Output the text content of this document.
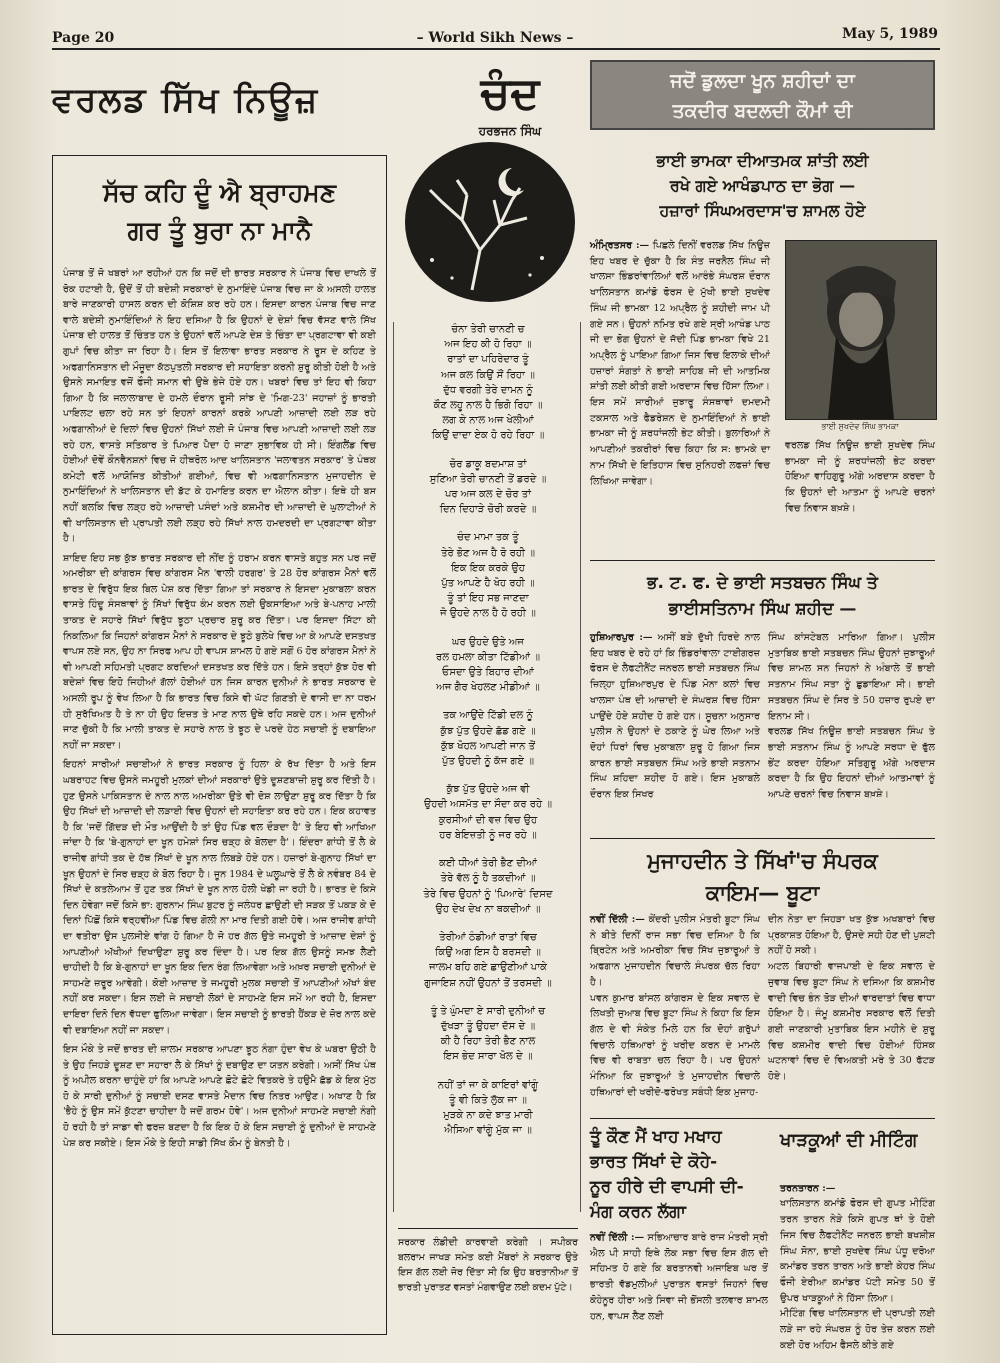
Page 20	– World Sikh News –	May 5, 1989
ਵਰਲਡ ਸਿੱਖ ਨਿਊਜ਼	ਚੰਦ
ਹਰਭਜਨ ਸਿੰਘ
ਜਦੋਂ ਡੁਲਦਾ ਖੂਨ ਸ਼ਹੀਦਾਂ ਦਾ
ਤਕਦੀਰ ਬਦਲਦੀ ਕੌਮਾਂ ਦੀ
ਸੱਚ ਕਹਿ ਦੂੰ ਐ ਬ੍ਰਾਹਮਣ
ਗਰ ਤੂੰ ਬੁਰਾ ਨਾ ਮਾਨੈ

ਪੰਜਾਬ ਤੋਂ ਜੋ ਖਬਰਾਂ ਆ ਰਹੀਆਂ ਹਨ ਕਿ ਜਦੋਂ ਦੀ ਭਾਰਤ ਸਰਕਾਰ ਨੇ ਪੰਜਾਬ ਵਿਚ ਦਾਖਲੇ ਤੋਂ ਰੋਕ ਹਟਾਈ ਹੈ, ਉਦੋਂ ਤੋਂ ਹੀ ਬਦੇਸ਼ੀ ਸਰਕਾਰਾਂ ਦੇ ਨੁਮਾਇੰਦੇ ਪੰਜਾਬ ਵਿਚ ਜਾ ਕੇ ਅਸਲੀ ਹਾਲਤ ਬਾਰੇ ਜਾਣਕਾਰੀ ਹਾਸਲ ਕਰਨ ਦੀ ਕੋਸ਼ਿਸ਼ ਕਰ ਰਹੇ ਹਨ। ਇਸਦਾ ਕਾਰਨ ਪੰਜਾਬ ਵਿਚ ਜਾਣ ਵਾਲੇ ਬਦੇਸ਼ੀ ਨੁਮਾਇੰਦਿਆਂ ਨੇ ਇਹ ਦਸਿਆ ਹੈ ਕਿ ਉਹਨਾਂ ਦੇ ਦੇਸ਼ਾਂ ਵਿਚ ਵੱਸਣ ਵਾਲੇ ਸਿੱਖ ਪੰਜਾਬ ਦੀ ਹਾਲਤ ਤੋਂ ਚਿੰਤਤ ਹਨ ਤੇ ਉਹਨਾਂ ਵਲੋਂ ਆਪਣੇ ਦੇਸ਼ ਤੇ ਚਿੰਤਾ ਦਾ ਪ੍ਰਗਟਾਵਾ ਵੀ ਕਈ ਗੁਪਾਂ ਵਿਚ ਕੀਤਾ ਜਾ ਰਿਹਾ ਹੈ। ਇਸ ਤੋਂ ਇਲਾਵਾ ਭਾਰਤ ਸਰਕਾਰ ਨੇ ਰੂਸ ਦੇ ਕਹਿਣ ਤੇ ਅਫਗਾਨਿਸਤਾਨ ਦੀ ਮੌਜੂਦਾ ਕੱਠਪੁਤਲੀ ਸਰਕਾਰ ਦੀ ਸਹਾਇਤਾ ਕਰਨੀ ਸ਼ੁਰੂ ਕੀਤੀ ਹੋਈ ਹੈ ਅਤੇ ਉਸਨੇ ਸਮਾਇਤ ਵਜੋਂ ਫੌਜੀ ਸਮਾਨ ਵੀ ਉਥੇ ਭੇਜੇ ਹੋਏ ਹਨ। ਖਬਰਾਂ ਵਿਚ ਤਾਂ ਇਹ ਵੀ ਕਿਹਾ ਗਿਆ ਹੈ ਕਿ ਜਲਾਲਾਬਾਦ ਦੇ ਹਮਲੇ ਦੌਰਾਨ ਰੂਸੀ ਸਾਂਝ ਦੇ 'ਮਿਗ-23' ਜਹਾਜ਼ਾਂ ਨੂੰ ਭਾਰਤੀ ਪਾਇਲਟ ਚਲਾ ਰਹੇ ਸਨ ਤਾਂ ਇਹਨਾਂ ਕਾਰਨਾਂ ਕਰਕੇ ਆਪਣੀ ਆਜ਼ਾਦੀ ਲਈ ਲੜ ਰਹੇ ਅਫਗਾਨੀਆਂ ਦੇ ਦਿਲਾਂ ਵਿਚ ਉਹਨਾਂ ਸਿੱਖਾਂ ਲਈ ਜੋ ਪੰਜਾਬ ਵਿਚ ਆਪਣੀ ਆਜ਼ਾਦੀ ਲਈ ਲੜ ਰਹੇ ਹਨ, ਵਾਸਤੇ ਸਤਿਕਾਰ ਤੇ ਪਿਆਰ ਪੈਦਾ ਹੋ ਜਾਣਾ ਸੁਭਾਵਿਕ ਹੀ ਸੀ। ਇੰਗਲੈਂਡ ਵਿਚ ਹੋਈਆਂ ਦੋਵੇਂ ਕੌਨਵੈਨਸ਼ਨਾਂ ਵਿਚ ਜੋ ਹੀਥਰੋਲ ਆਦ ਖਾਲਿਸਤਾਨ 'ਜਲਾਵਤਨ ਸਰਕਾਰ' ਤੇ ਪੰਥਕ ਕਮੇਟੀ ਵਲੋਂ ਆਯੋਜਿਤ ਕੀਤੀਆਂ ਗਈਆਂ, ਵਿਚ ਵੀ ਅਫਗਾਨਿਸਤਾਨ ਮੁਜਾਹਦੀਨ ਦੇ ਨੁਮਾਇੰਦਿਆਂ ਨੇ ਖਾਲਿਸਤਾਨ ਦੀ ਡੱਟ ਕੇ ਹਮਾਇਤ ਕਰਨ ਦਾ ਐਲਾਨ ਕੀਤਾ। ਇਥੇ ਹੀ ਬਸ ਨਹੀਂ ਬਲਕਿ ਵਿਚ ਲੜ੍ਹ ਰਹੇ ਆਜ਼ਾਦੀ ਪਸੰਦਾਂ ਅਤੇ ਕਸ਼ਮੀਰ ਦੀ ਆਜ਼ਾਦੀ ਦੇ ਘੁਲਾਟੀਆਂ ਨੇ ਵੀ ਖਾਲਿਸਤਾਨ ਦੀ ਪ੍ਰਾਪਤੀ ਲਈ ਲੜ੍ਹ ਰਹੇ ਸਿੱਖਾਂ ਨਾਲ ਹਮਦਰਦੀ ਦਾ ਪ੍ਰਗਟਾਵਾ ਕੀਤਾ ਹੈ।

ਸ਼ਾਇਦ ਇਹ ਸਭ ਕੁੱਝ ਭਾਰਤ ਸਰਕਾਰ ਦੀ ਨੀਂਦ ਨੂੰ ਹਰਾਮ ਕਰਨ ਵਾਸਤੇ ਬਹੁਤ ਸਨ ਪਰ ਜਦੋਂ ਅਮਰੀਕਾ ਦੀ ਕਾਂਗਰਸ ਵਿਚ ਕਾਂਗਰਸ ਮੈਨ 'ਵਾਲੀ ਹਰਗਰ' ਤੇ 28 ਹੋਰ ਕਾਂਗਰਸ ਮੈਨਾਂ ਵਲੋਂ ਭਾਰਤ ਦੇ ਵਿਰੁੱਧ ਇਕ ਬਿਲ ਪੇਸ਼ ਕਰ ਦਿੱਤਾ ਗਿਆ ਤਾਂ ਸਰਕਾਰ ਨੇ ਇਸਦਾ ਮੁਕਾਬਲਾ ਕਰਨ ਵਾਸਤੇ ਹਿੰਦੂ ਸੰਸਥਾਵਾਂ ਨੂੰ ਸਿੱਖਾਂ ਵਿਰੁੱਧ ਕੰਮ ਕਰਨ ਲਈ ਉਕਸਾਇਆ ਅਤੇ ਬੇ-ਪਨਾਹ ਮਾਲੀ ਤਾਕਤ ਦੇ ਸਹਾਰੇ ਸਿੱਖਾਂ ਵਿਰੁੱਧ ਝੂਠਾ ਪ੍ਰਚਾਰ ਸ਼ੁਰੂ ਕਰ ਦਿੱਤਾ। ਪਰ ਇਸਦਾ ਸਿੱਟਾ ਕੀ ਨਿਕਲਿਆ ਕਿ ਜਿਹਨਾਂ ਕਾਂਗਰਸ ਮੈਨਾਂ ਨੇ ਸਰਕਾਰ ਦੇ ਝੂਠੇ ਬੁਲੇਖੇ ਵਿਚ ਆ ਕੇ ਆਪਣੇ ਦਸਤਖਤ ਵਾਪਸ ਲਏ ਸਨ, ਉਹ ਨਾ ਸਿਰਫ ਆਪ ਹੀ ਵਾਪਸ ਸ਼ਾਮਲ ਹੋ ਗਏ ਸਗੋਂ 6 ਹੋਰ ਕਾਂਗਰਸ ਮੈਨਾਂ ਨੇ ਵੀ ਆਪਣੀ ਸਹਿਮਤੀ ਪ੍ਰਗਟ ਕਰਦਿਆਂ ਦਸਤਖਤ ਕਰ ਦਿੱਤੇ ਹਨ। ਇਸੇ ਤਰ੍ਹਾਂ ਕੁੱਝ ਹੋਰ ਵੀ ਬਦੇਸ਼ਾਂ ਵਿਚ ਇਹੋ ਜਿਹੀਆਂ ਗੱਲਾਂ ਹੋਈਆਂ ਹਨ ਜਿਸ ਕਾਰਨ ਦੁਨੀਆਂ ਨੇ ਭਾਰਤ ਸਰਕਾਰ ਦੇ ਅਸਲੀ ਰੂਪ ਨੂੰ ਵੇਖ ਲਿਆ ਹੈ ਕਿ ਭਾਰਤ ਵਿਚ ਕਿਸੇ ਵੀ ਘੱਟ ਗਿਣਤੀ ਦੇ ਵਾਸੀ ਦਾ ਨਾ ਧਰਮ ਹੀ ਸੁਰੱਖਿਅਤ ਹੈ ਤੇ ਨਾ ਹੀ ਉਹ ਇਜ਼ਤ ਤੇ ਮਾਣ ਨਾਲ ਉਥੇ ਰਹਿ ਸਕਦੇ ਹਨ। ਅਜ ਦੁਨੀਆਂ ਜਾਣ ਚੁੱਕੀ ਹੈ ਕਿ ਮਾਲੀ ਤਾਕਤ ਦੇ ਸਹਾਰੇ ਨਾਲ ਤੇ ਝੂਠ ਦੇ ਪਰਦੇ ਹੇਠ ਸਚਾਈ ਨੂੰ ਦਬਾਇਆ ਨਹੀਂ ਜਾ ਸਕਦਾ।

ਇਹਨਾਂ ਸਾਰੀਆਂ ਸਚਾਈਆਂ ਨੇ ਭਾਰਤ ਸਰਕਾਰ ਨੂੰ ਹਿਲਾ ਕੇ ਰੱਖ ਦਿੱਤਾ ਹੈ ਅਤੇ ਇਸ ਘਬਰਾਹਟ ਵਿਚ ਉਸਨੇ ਜਮਹੂਰੀ ਮੁਲਕਾਂ ਦੀਆਂ ਸਰਕਾਰਾਂ ਉਤੇ ਦੂਸ਼ਣਬਾਜ਼ੀ ਸ਼ੁਰੂ ਕਰ ਦਿੱਤੀ ਹੈ। ਹੁਣ ਉਸਨੇ ਪਾਕਿਸਤਾਨ ਦੇ ਨਾਲ ਨਾਲ ਅਮਰੀਕਾ ਉਤੇ ਵੀ ਦੋਸ਼ ਲਾਉਣਾ ਸ਼ੁਰੂ ਕਰ ਦਿੱਤਾ ਹੈ ਕਿ ਉਹ ਸਿੱਖਾਂ ਦੀ ਆਜ਼ਾਦੀ ਦੀ ਲੜਾਈ ਵਿਚ ਉਹਨਾਂ ਦੀ ਸਹਾਇਤਾ ਕਰ ਰਹੇ ਹਨ। ਇਕ ਕਹਾਵਤ ਹੈ ਕਿ 'ਜਦੋਂ ਗਿੱਦੜ ਦੀ ਮੌਤ ਆਉਂਦੀ ਹੈ ਤਾਂ ਉਹ ਪਿੰਡ ਵਲ ਦੌੜਦਾ ਹੈ' ਤੇ ਇਹ ਵੀ ਆਖਿਆ ਜਾਂਦਾ ਹੈ ਕਿ 'ਬੇ-ਗੁਨਾਹਾਂ ਦਾ ਖੂਨ ਹਮੇਸ਼ਾਂ ਸਿਰ ਚੜ੍ਹ ਕੇ ਬੋਲਦਾ ਹੈ'। ਇੰਦਰਾ ਗਾਂਧੀ ਤੋਂ ਲੈ ਕੇ ਰਾਜੀਵ ਗਾਂਧੀ ਤਕ ਦੇ ਹੱਥ ਸਿੱਖਾਂ ਦੇ ਖੂਨ ਨਾਲ ਲਿਬੜੇ ਹੋਏ ਹਨ। ਹਜ਼ਾਰਾਂ ਬੇ-ਗੁਨਾਹ ਸਿੱਖਾਂ ਦਾ ਖੂਨ ਉਹਨਾਂ ਦੇ ਸਿਰ ਚੜ੍ਹ ਕੇ ਬੋਲ ਰਿਹਾ ਹੈ। ਜੂਨ 1984 ਦੇ ਘਲੂਘਾਰੇ ਤੋਂ ਲੈ ਕੇ ਨਵੰਬਰ 84 ਦੇ ਸਿੱਖਾਂ ਦੇ ਕਤਲੇਆਮ ਤੋਂ ਹੁਣ ਤਕ ਸਿੱਖਾਂ ਦੇ ਖੂਨ ਨਾਲ ਹੋਲੀ ਖੇਡੀ ਜਾ ਰਹੀ ਹੈ। ਭਾਰਤ ਦੇ ਕਿਸੇ ਦਿਨ ਹੋਵੇਗਾ ਜਦੋਂ ਕਿਸੇ ਭਾ: ਗੁਰਨਾਮ ਸਿੰਘ ਬੁਟਰ ਨੂੰ ਜਲੰਧਰ ਛਾਉਣੀ ਦੀ ਸੜਕ ਤੋਂ ਪਕੜ ਕੇ ਦੋ ਦਿਨਾਂ ਪਿੱਛੋਂ ਕਿਸੇ ਵਰ੍ਹਵੀਂਆ ਪਿੰਡ ਵਿਚ ਗੋਲੀ ਨਾ ਮਾਰ ਦਿਤੀ ਗਈ ਹੋਵੇ। ਅਜ ਰਾਜੀਵ ਗਾਂਧੀ ਦਾ ਵਤੀਰਾ ਉਸ ਪੁਲਸੀਏ ਵਾਂਗ ਹੋ ਗਿਆ ਹੈ ਜੋ ਹਰ ਗੱਲ ਉਤੇ ਜਮਹੂਰੀ ਤੇ ਆਜ਼ਾਦ ਦੇਸ਼ਾਂ ਨੂੰ ਆਪਣੀਆਂ ਅੱਖੀਆਂ ਦਿਖਾਉਣਾ ਸ਼ੁਰੂ ਕਰ ਦਿੰਦਾ ਹੈ। ਪਰ ਇਕ ਗੱਲ ਉਸਨੂੰ ਸਮਝ ਲੈਣੀ ਚਾਹੀਦੀ ਹੈ ਕਿ ਬੇ-ਗੁਨਾਹਾਂ ਦਾ ਖੂਨ ਇਕ ਦਿਨ ਰੰਗ ਲਿਆਵੇਗਾ ਅਤੇ ਅਖ਼ਰ ਸਚਾਈ ਦੁਨੀਆਂ ਦੇ ਸਾਹਮਣੇ ਜ਼ਰੂਰ ਆਵੇਗੀ। ਕੋਈ ਆਜ਼ਾਦ ਤੇ ਜਮਹੂਰੀ ਮੁਲਕ ਸਚਾਈ ਤੋਂ ਆਪਣੀਆਂ ਅੱਖਾਂ ਬੰਦ ਨਹੀਂ ਕਰ ਸਕਦਾ। ਇਸ ਲਈ ਜੇ ਸਚਾਈ ਲੋਕਾਂ ਦੇ ਸਾਹਮਣੇ ਇਸ ਸਮੇਂ ਆ ਰਹੀ ਹੈ, ਇਸਦਾ ਦਾਇਰਾ ਦਿਨੋ ਦਿਨ ਵੱਧਦਾ ਫੁਲਿਆ ਜਾਵੇਗਾ। ਇਸ ਸਚਾਈ ਨੂੰ ਭਾਰਤੀ ਹੈਂਕੜ ਦੇ ਜ਼ੋਰ ਨਾਲ ਕਦੇ ਵੀ ਦਬਾਇਆ ਨਹੀਂ ਜਾ ਸਕਦਾ।

ਇਸ ਮੌਕੇ ਤੇ ਜਦੋਂ ਭਾਰਤ ਦੀ ਜ਼ਾਲਮ ਸਰਕਾਰ ਆਪਣਾ ਝੂਠ ਨੰਗਾ ਹੁੰਦਾ ਵੇਖ ਕੇ ਘਬਰਾ ਉਠੀ ਹੈ ਤੇ ਉਹ ਜਿਹੜੇ ਦੂਸ਼ਣ ਦਾ ਸਹਾਰਾ ਲੈ ਕੇ ਸਿੱਖਾਂ ਨੂੰ ਦਬਾਉਣ ਦਾ ਯਤਨ ਕਰੇਗੀ। ਅਸੀਂ ਸਿੱਖ ਪੰਥ ਨੂੰ ਅਪੀਲ ਕਰਨਾ ਚਾਹੁੰਦੇ ਹਾਂ ਕਿ ਆਪਣੇ ਆਪਣੇ ਛੋਟੇ ਛੋਟੇ ਵਿਤਕਰੇ ਤੇ ਹਉਮੈ ਛੱਡ ਕੇ ਇਕ ਮੁੱਠ ਹੋ ਕੇ ਸਾਰੀ ਦੁਨੀਆਂ ਨੂੰ ਸਚਾਈ ਦਸਣ ਵਾਸਤੇ ਮੈਦਾਨ ਵਿਚ ਨਿਤਰ ਆਉਣ। ਅਖਾਣ ਹੈ ਕਿ 'ਭੈਹੇ ਨੂੰ ਉਸ ਸਮੇਂ ਕੁੱਟਣਾ ਚਾਹੀਦਾ ਹੈ ਜਦੋਂ ਗਰਮ ਹੋਵੇ'। ਅਜ ਦੁਨੀਆਂ ਸਾਹਮਣੇ ਸਚਾਈ ਨੰਗੀ ਹੋ ਰਹੀ ਹੈ ਤਾਂ ਸਾਡਾ ਵੀ ਫਰਜ਼ ਬਣਦਾ ਹੈ ਕਿ ਇਕ ਹੋ ਕੇ ਇਸ ਸਚਾਈ ਨੂੰ ਦੁਨੀਆਂ ਦੇ ਸਾਹਮਣੇ ਪੇਸ਼ ਕਰ ਸਕੀਏ। ਇਸ ਮੌਕੇ ਤੇ ਇਹੀ ਸਾਡੀ ਸਿੱਖ ਕੌਮ ਨੂੰ ਬੇਨਤੀ ਹੈ।

ਚੰਨਾ ਤੇਰੀ ਚਾਨਣੀ ਚ
ਅਜ ਇਹ ਕੀ ਹੋ ਰਿਹਾ ॥
ਰਾਤਾਂ ਦਾ ਪਹਿਰੇਦਾਰ ਤੂੰ
ਅਜ ਕਲ ਕਿਉਂ ਸੌਂ ਰਿਹਾ ॥
ਦੁੱਧ ਵਰਗੀ ਤੇਰੇ ਦਾਮਨ ਨੂੰ
ਕੌਣ ਲਹੂ ਨਾਲ ਹੈ ਭਿਗੋ ਰਿਹਾ ॥
ਲਗ ਕੇ ਨਾਲ ਅਜ ਖੇਲੀਆਂ
ਕਿਉਂ ਦਾਦਾ ਏਕ ਹੋ ਰਹੇ ਰਿਹਾ ॥
ਚੋਰ ਡਾਕੂ ਬਦਮਾਸ਼ ਤਾਂ
ਸੁਣਿਆ ਤੇਰੀ ਚਾਨਣੀ ਤੋਂ ਡਰਦੇ ॥
ਪਰ ਅਜ ਕਲ ਦੇ ਚੋਰ ਤਾਂ
ਦਿਨ ਦਿਹਾੜੇ ਚੋਰੀ ਕਰਦੇ ॥
ਚੰਦ ਮਾਮਾ ਤਕ ਤੂੰ
ਤੇਰੇ ਭੋਣ ਅਜ ਹੈ ਰੋ ਰਹੀ ॥
ਇਕ ਇਕ ਕਰਕੇ ਉਹ
ਪੁੱਤ ਆਪਣੇ ਹੈ ਖੋਹ ਰਹੀ ॥
ਤੂੰ ਤਾਂ ਇਹ ਸਭ ਜਾਣਦਾ
ਜੋ ਉਹਦੇ ਨਾਲ ਹੈ ਹੋ ਰਹੀ ॥
ਘਰ ਉਹਦੇ ਉਤੇ ਅਜ
ਰਲ ਹਮਲਾ ਕੀਤਾ ਟਿੱਡੀਆਂ ॥
ਓਸਦਾ ਉਤੇ ਬਿਹਾਰ ਦੀਆਂ
ਅਜ ਗੈਰ ਖੇਹਲਣ ਮੀਡੀਆਂ ॥
ਤਕ ਆਉਂਦੇ ਟਿੱਡੀ ਦਲ ਨੂੰ
ਕੁੱਝ ਪੁੱਤ ਉਹਦੇ ਛੱਡ ਗਏ ॥
ਕੁੱਝ ਖੋਹਲ ਆਪਣੀ ਜਾਨ ਤੋਂ
ਪੁੱਤ ਉਹਦੀ ਨੂੰ ਕੱਜ ਗਏ ॥
ਕੁੱਝ ਪੁੱਤ ਉਹਦੇ ਅਜ ਵੀ
ਉਹਦੀ ਅਸਮੱਤ ਦਾ ਸੌਦਾ ਕਰ ਰਹੇ ॥
ਕੁਰਸੀਆਂ ਦੀ ਵਜ਼ ਵਿਚ ਉਹ
ਹਰ ਬੇਇਜ਼ਤੀ ਨੂੰ ਜਰ ਰਹੇ ॥
ਕਈ ਧੀਆਂ ਤੇਰੀ ਭੈਣ ਦੀਆਂ
ਤੇਰੇ ਵੱਲ ਨੂੰ ਹੈ ਤਕਦੀਆਂ ॥
ਤੇਰੇ ਵਿਚ ਉਹਨਾਂ ਨੂੰ 'ਪਿਆਰੇ' ਦਿਸਦ
ਉਹ ਦੇਖ ਦੇਖ ਨਾ ਥਕਦੀਆਂ ॥
ਤੇਰੀਆਂ ਠੰਡੀਆਂ ਰਾਤਾਂ ਵਿਚ
ਕਿਉਂ ਅਗ ਇਸ ਹੈ ਬਰਸਦੀ ॥
ਜਾਲਮ ਬਹਿ ਗਏ ਛਾਉਣੀਆਂ ਪਾਕੇ
ਗੁਜਾਇਸ਼ ਨਹੀਂ ਉਹਨਾਂ ਤੋਂ ਤਰਸਦੀ ॥
ਤੂੰ ਤੇ ਘੁੰਮਦਾ ਏ ਸਾਰੀ ਦੁਨੀਆਂ ਚ
ਦੁੱਖੜਾ ਤੂੰ ਉਹਦਾ ਦੱਸ ਦੇ ॥
ਕੀ ਹੈ ਰਿਹਾ ਤੇਰੀ ਭੈਣ ਨਾਲ
ਇਸ ਭੇਦ ਸਾਰਾ ਖੋਲ ਦੇ ॥
ਨਹੀਂ ਤਾਂ ਜਾ ਕੇ ਕਾਇਰਾਂ ਵਾਂਗੂੰ
ਤੂੰ ਵੀ ਕਿਤੇ ਲੁੱਕ ਜਾ ॥
ਮੁੜਕੇ ਨਾ ਕਦੇ ਝਾਤ ਮਾਰੀ
ਐਸਿਆ ਵਾਂਗੂੰ ਮੁੱਕ ਜਾ ॥
ਸਰਕਾਰ ਲੰਡੀਦੀ ਕਾਰਵਾਈ ਕਰੇਗੀ । ਸਪੀਕਰ ਬਲਰਾਮ ਜਾਖੜ ਸਮੇਤ ਕਈ ਮੈਂਬਰਾਂ ਨੇ ਸਰਕਾਰ ਉਤੇ ਇਸ ਗੱਲ ਲਈ ਜੋਰ ਦਿੱਤਾ ਸੀ ਕਿ ਉਹ ਬਰਤਾਨੀਆ ਤੋਂ ਭਾਰਤੀ ਪੁਰਾਤਣ ਵਸਤਾਂ ਮੰਗਵਾਉਣ ਲਈ ਕਦਮ ਪੁੱਟੇ।
ਭਾਈ ਭਾਮਕਾ ਦੀਆਤਮਕ ਸ਼ਾਂਤੀ ਲਈ
ਰਖੇ ਗਏ ਆਖੰਡਪਾਠ ਦਾ ਭੋਗ —
ਹਜ਼ਾਰਾਂ ਸਿੰਘਅਰਦਾਸ'ਚ ਸ਼ਾਮਲ ਹੋਏ
ਅੰਮ੍ਰਿਤਸਰ :— ਪਿਛਲੇ ਦਿਨੀਂ ਵਰਲਡ ਸਿੱਖ ਨਿਊਜ਼ ਇਹ ਖਬਰ ਦੇ ਚੁੱਕਾ ਹੈ ਕਿ ਸੰਤ ਜਰਨੈਲ ਸਿੰਘ ਜੀ ਖਾਲਸਾ ਭਿੰਡਰਾਂਵਾਲਿਆਂ ਵਲੋਂ ਆਰੰਭੇ ਸੰਘਰਸ਼ ਦੌਰਾਨ ਖਾਲਿਸਤਾਨ ਕਮਾਂਡੋ ਫੋਰਸ ਦੇ ਮੁੱਖੀ ਭਾਈ ਸੁਖਦੇਵ ਸਿੰਘ ਜੀ ਭਾਮਕਾ 12 ਅਪ੍ਰੈਲ ਨੂੰ ਸ਼ਹੀਦੀ ਜਾਮ ਪੀ ਗਏ ਸਨ। ਉਹਨਾਂ ਨਮਿਤ ਰਖੇ ਗਏ ਸ੍ਰੀ ਆਖੰਡ ਪਾਠ ਜੀ ਦਾ ਭੋਗ ਉਹਨਾਂ ਦੇ ਜੱਦੀ ਪਿੰਡ ਭਾਮਕਾ ਵਿਖੇ 21 ਅਪ੍ਰੈਲ ਨੂੰ ਪਾਇਆ ਗਿਆ ਜਿਸ ਵਿਚ ਇਲਾਕੇ ਦੀਆਂ ਹਜ਼ਾਰਾਂ ਸੰਗਤਾਂ ਨੇ ਭਾਈ ਸਾਹਿਬ ਜੀ ਦੀ ਆਤਮਿਕ ਸ਼ਾਂਤੀ ਲਈ ਕੀਤੀ ਗਈ ਅਰਦਾਸ ਵਿਚ ਹਿੱਸਾ ਲਿਆ। ਇਸ ਸਮੇਂ ਸਾਰੀਆਂ ਜੁਝਾਰੂ ਸੰਸਥਾਵਾਂ ਦਮਦਮੀ ਟਕਸਾਲ ਅਤੇ ਫੈਡਰੇਸ਼ਨ ਦੇ ਨੁਮਾਇੰਦਿਆਂ ਨੇ ਭਾਈ ਭਾਮਕਾ ਜੀ ਨੂੰ ਸ਼ਰਧਾਂਜਲੀ ਭੇਟ ਕੀਤੀ। ਬੁਲਾਰਿਆਂ ਨੇ ਆਪਣੀਆਂ ਤਕਰੀਰਾਂ ਵਿਚ ਕਿਹਾ ਕਿ ਸ: ਭਾਮਕੇ ਦਾ ਨਾਮ ਸਿੱਖੀ ਦੇ ਇਤਿਹਾਸ ਵਿਚ ਸੁਨਿਹਰੀ ਲਫਜ਼ਾਂ ਵਿਚ ਲਿਖਿਆ ਜਾਵੇਗਾ।
ਭਾਈ ਸੁਖਦੇਵ ਸਿੰਘ ਭਾਮਕਾ
ਵਰਲਡ ਸਿੱਖ ਨਿਊਜ਼ ਭਾਈ ਸੁਖਦੇਵ ਸਿੰਘ ਭਾਮਕਾ ਜੀ ਨੂੰ ਸ਼ਰਧਾਂਜਲੀ ਭੇਟ ਕਰਦਾ ਹੋਇਆ ਵਾਹਿਗੁਰੂ ਅੱਗੇ ਅਰਦਾਸ ਕਰਦਾ ਹੈ ਕਿ ਉਹਨਾਂ ਦੀ ਆਤਮਾ ਨੂੰ ਆਪਣੇ ਚਰਨਾਂ ਵਿਚ ਨਿਵਾਸ ਬਖ਼ਸ਼ੇ।
ਭ. ਟ. ਫ. ਦੇ ਭਾਈ ਸਤਬਚਨ ਸਿੰਘ ਤੇ
ਭਾਈਸਤਿਨਾਮ ਸਿੰਘ ਸ਼ਹੀਦ —
ਹੁਸ਼ਿਆਰਪੁਰ :— ਅਸੀਂ ਬੜੇ ਦੁੱਖੀ ਹਿਰਦੇ ਨਾਲ ਇਹ ਖਬਰ ਦੇ ਰਹੇ ਹਾਂ ਕਿ ਭਿੰਡਰਾਂਵਾਲਾ ਟਾਈਗਰਜ਼ ਫੋਰਸ ਦੇ ਲੈਫਟੀਨੈਂਟ ਜਨਰਲ ਭਾਈ ਸਤਬਚਨ ਸਿੰਘ ਜ਼ਿਲ੍ਹਾ ਹੁਸ਼ਿਆਰਪੁਰ ਦੇ ਪਿੰਡ ਮੋਨਾ ਕਲਾਂ ਵਿਚ ਖਾਲਸਾ ਪੰਥ ਦੀ ਆਜ਼ਾਦੀ ਦੇ ਸੰਘਰਸ਼ ਵਿਚ ਹਿੱਸਾ ਪਾਉਂਦੇ ਹੋਏ ਸ਼ਹੀਦ ਹੋ ਗਏ ਹਨ। ਸੂਚਨਾ ਅਨੁਸਾਰ ਪੁਲੀਸ ਨੇ ਉਹਨਾਂ ਦੇ ਠਕਾਣੇ ਨੂੰ ਘੇਰ ਲਿਆ ਅਤੇ ਦੋਹਾਂ ਧਿਰਾਂ ਵਿਚ ਮੁਕਾਬਲਾ ਸ਼ੁਰੂ ਹੋ ਗਿਆ ਜਿਸ ਕਾਰਨ ਭਾਈ ਸਤਬਚਨ ਸਿੰਘ ਅਤੇ ਭਾਈ ਸਤਨਾਮ ਸਿੰਘ ਸ਼ਹਿਦਾ ਸ਼ਹੀਦ ਹੋ ਗਏ। ਇਸ ਮੁਕਾਬਲੇ ਦੌਰਾਨ ਇਕ ਸਿਖਰ
ਸਿੰਘ ਕਾਂਸਟੇਬਲ ਮਾਰਿਆ ਗਿਆ। ਪੁਲੀਸ ਮੁਤਾਬਿਕ ਭਾਈ ਸਤਬਚਨ ਸਿੰਘ ਉਹਨਾਂ ਜੁਝਾਰੂਆਂ ਵਿਚ ਸ਼ਾਮਲ ਸਨ ਜਿਹਨਾਂ ਨੇ ਅੰਬਾਲੇ ਤੋਂ ਭਾਈ ਸਤਨਾਮ ਸਿੰਘ ਸਤਾ ਨੂੰ ਛੁਡਾਇਆ ਸੀ। ਭਾਈ ਸਤਬਚਨ ਸਿੰਘ ਦੇ ਸਿਰ ਤੇ 50 ਹਜ਼ਾਰ ਰੁਪਏ ਦਾ ਇਨਾਮ ਸੀ।
ਵਰਲਡ ਸਿੱਖ ਨਿਊਜ਼ ਭਾਈ ਸਤਬਚਨ ਸਿੰਘ ਤੇ ਭਾਈ ਸਤਨਾਮ ਸਿੰਘ ਨੂੰ ਆਪਣੇ ਸਰਧਾ ਦੇ ਫੁੱਲ ਭੇਂਟ ਕਰਦਾ ਹੋਇਆ ਸਤਿਗੁਰੂ ਅੱਗੇ ਅਰਦਾਸ ਕਰਦਾ ਹੈ ਕਿ ਉਹ ਇਹਨਾਂ ਦੀਆਂ ਆਤਮਾਵਾਂ ਨੂੰ ਆਪਣੇ ਚਰਨਾਂ ਵਿਚ ਨਿਵਾਸ ਬਖ਼ਸ਼ੇ।
ਮੁਜਾਹਦੀਨ ਤੇ ਸਿੱਖਾਂ'ਚ ਸੰਪਰਕ
ਕਾਇਮ— ਬੂਟਾ
ਨਵੀਂ ਦਿੱਲੀ :— ਕੇਂਦਰੀ ਪੁਲੀਸ ਮੰਤਰੀ ਬੂਟਾ ਸਿੰਘ ਨੇ ਬੀਤੇ ਦਿਨੀਂ ਰਾਜ ਸਭਾ ਵਿਚ ਦਸਿਆ ਹੈ ਕਿ ਬ੍ਰਿਟੇਨ ਅਤੇ ਅਮਰੀਕਾ ਵਿਚ ਸਿੱਖ ਜੁਝਾਰੂਆਂ ਤੇ ਅਫਗਾਨ ਮੁਜਾਹਦੀਨ ਵਿਚਾਲੇ ਸੰਪਰਕ ਚੱਲ ਰਿਹਾ ਹੈ।
ਪਵਨ ਕੁਮਾਰ ਬਾਂਸਲ ਕਾਂਗਰਸ ਦੇ ਇਕ ਸਵਾਲ ਦੇ ਲਿਖਤੀ ਜੁਆਬ ਵਿਚ ਬੂਟਾ ਸਿੰਘ ਨੇ ਕਿਹਾ ਕਿ ਇਸ ਗੱਲ ਦੇ ਵੀ ਸੰਕੇਤ ਮਿਲੇ ਹਨ ਕਿ ਦੋਹਾਂ ਗਰੁੱਪਾਂ ਵਿਚਾਲੇ ਹਥਿਆਰਾਂ ਨੂੰ ਖਰੀਦ ਕਰਨ ਦੇ ਮਾਮਲੇ ਵਿਚ ਵੀ ਰਾਬਤਾ ਚਲ ਰਿਹਾ ਹੈ। ਪਰ ਉਹਨਾਂ ਮੰਨਿਆ ਕਿ ਜੁਝਾਰੂਆਂ ਤੇ ਮੁਜਾਹਦੀਨ ਵਿਚਾਲੇ ਹਥਿਆਰਾਂ ਦੀ ਖਰੀਦੋ-ਫਰੋਖਤ ਸਬੰਧੀ ਇਕ ਮੁਜਾਹ-
ਦੀਨ ਨੇਤਾ ਦਾ ਜਿਹੜਾ ਖਤ ਕੁੱਝ ਅਖਬਾਰਾਂ ਵਿਚ ਪ੍ਰਕਾਸ਼ਤ ਹੋਇਆ ਹੈ, ਉਸਦੇ ਸਹੀ ਹੋਣ ਦੀ ਪੁਸ਼ਟੀ ਨਹੀਂ ਹੋ ਸਕੀ।
ਅਟਲ ਬਿਹਾਰੀ ਵਾਜਪਾਈ ਦੇ ਇਕ ਸਵਾਲ ਦੇ ਜੁਵਾਬ ਵਿਚ ਬੂਟਾ ਸਿੰਘ ਨੇ ਦਸਿਆ ਕਿ ਕਸ਼ਮੀਰ ਵਾਦੀ ਵਿਚ ਭੰਨ ਤੋੜ ਦੀਆਂ ਵਾਰਦਾਤਾਂ ਵਿਚ ਵਾਧਾ ਹੋਇਆ ਹੈ। ਜੰਮੂ ਕਸ਼ਮੀਰ ਸਰਕਾਰ ਵਲੋਂ ਦਿਤੀ ਗਈ ਜਾਣਕਾਰੀ ਮੁਤਾਬਿਕ ਇਸ ਮਹੀਨੇ ਦੇ ਸ਼ੁਰੂ ਵਿਚ ਕਸ਼ਮੀਰ ਵਾਦੀ ਵਿਚ ਹੋਈਆਂ ਹਿੰਸਕ ਘਟਨਾਵਾਂ ਵਿਚ ਦੋ ਵਿਅਕਤੀ ਮਰੇ ਤੇ 30 ਫੱਟੜ ਹੋਏ।
ਤੂੰ ਕੌਣ ਮੈਂ ਖਾਹ ਮਖਾਹ
ਭਾਰਤ ਸਿੱਖਾਂ ਦੇ ਕੋਹੇ-
ਨੂਰ ਹੀਰੇ ਦੀ ਵਾਪਸੀ ਦੀ-
ਮੰਗ ਕਰਨ ਲੱਗਾ
ਨਵੀਂ ਦਿੱਲੀ :— ਸਭਿਆਚਾਰ ਬਾਰੇ ਰਾਜ ਮੰਤਰੀ ਸ੍ਰੀ ਐਲ ਪੀ ਸਾਹੀ ਇਥੇ ਲੋਕ ਸਭਾ ਵਿਚ ਇਸ ਗੱਲ ਦੀ ਸਹਿਮਤ ਹੋ ਗਏ ਕਿ ਬਰਤਾਨਵੀ ਅਜਾਇਬ ਘਰ ਤੋਂ ਭਾਰਤੀ ਵੱਡਮੁਲੀਆਂ ਪੁਰਾਤਨ ਵਸਤਾਂ ਜਿਹਨਾਂ ਵਿਚ ਕੋਹੇਨੂਰ ਹੀਰਾ ਅਤੇ ਸਿਵਾ ਜੀ ਭੋਂਸਲੀ ਤਲਵਾਰ ਸ਼ਾਮਲ ਹਨ, ਵਾਪਸ ਲੈਣ ਲਈ
ਖਾੜਕੂਆਂ ਦੀ ਮੀਟਿੰਗ

ਤਰਨਤਾਰਨ :—
ਖਾਲਿਸਤਾਨ ਕਮਾਂਡੋ ਫੋਰਸ ਦੀ ਗੁਪਤ ਮੀਟਿੰਗ ਤਰਨ ਤਾਰਨ ਨੇੜੇ ਕਿਸੇ ਗੁਪਤ ਥਾਂ ਤੇ ਹੋਈ ਜਿਸ ਵਿਚ ਲੈਫਟੀਨੈਂਟ ਜਨਰਲ ਭਾਈ ਬਖਸ਼ੀਸ਼ ਸਿੰਘ ਸੋਨਾ, ਭਾਈ ਸੁਖਦੇਵ ਸਿੰਘ ਪੰਧੂ ਦਰੋਆ ਕਮਾਂਡਰ ਤਰਨ ਤਾਰਨ ਅਤੇ ਭਾਈ ਕੇਹਰ ਸਿੰਘ ਫੌਜੀ ਏਰੀਆ ਕਮਾਂਡਰ ਪੱਟੀ ਸਮੇਤ 50 ਤੋਂ ਉਪਰ ਖਾੜਕੂਆਂ ਨੇ ਹਿੱਸਾ ਲਿਆ।
ਮੀਟਿੰਗ ਵਿਚ ਖਾਲਿਸਤਾਨ ਦੀ ਪ੍ਰਾਪਤੀ ਲਈ ਲੜੇ ਜਾ ਰਹੇ ਸੰਘਰਸ਼ ਨੂੰ ਹੋਰ ਤੇਜ਼ ਕਰਨ ਲਈ ਕਈ ਹੋਰ ਅਹਿਮ ਫੈਸਲੇ ਕੀਤੇ ਗਏ
